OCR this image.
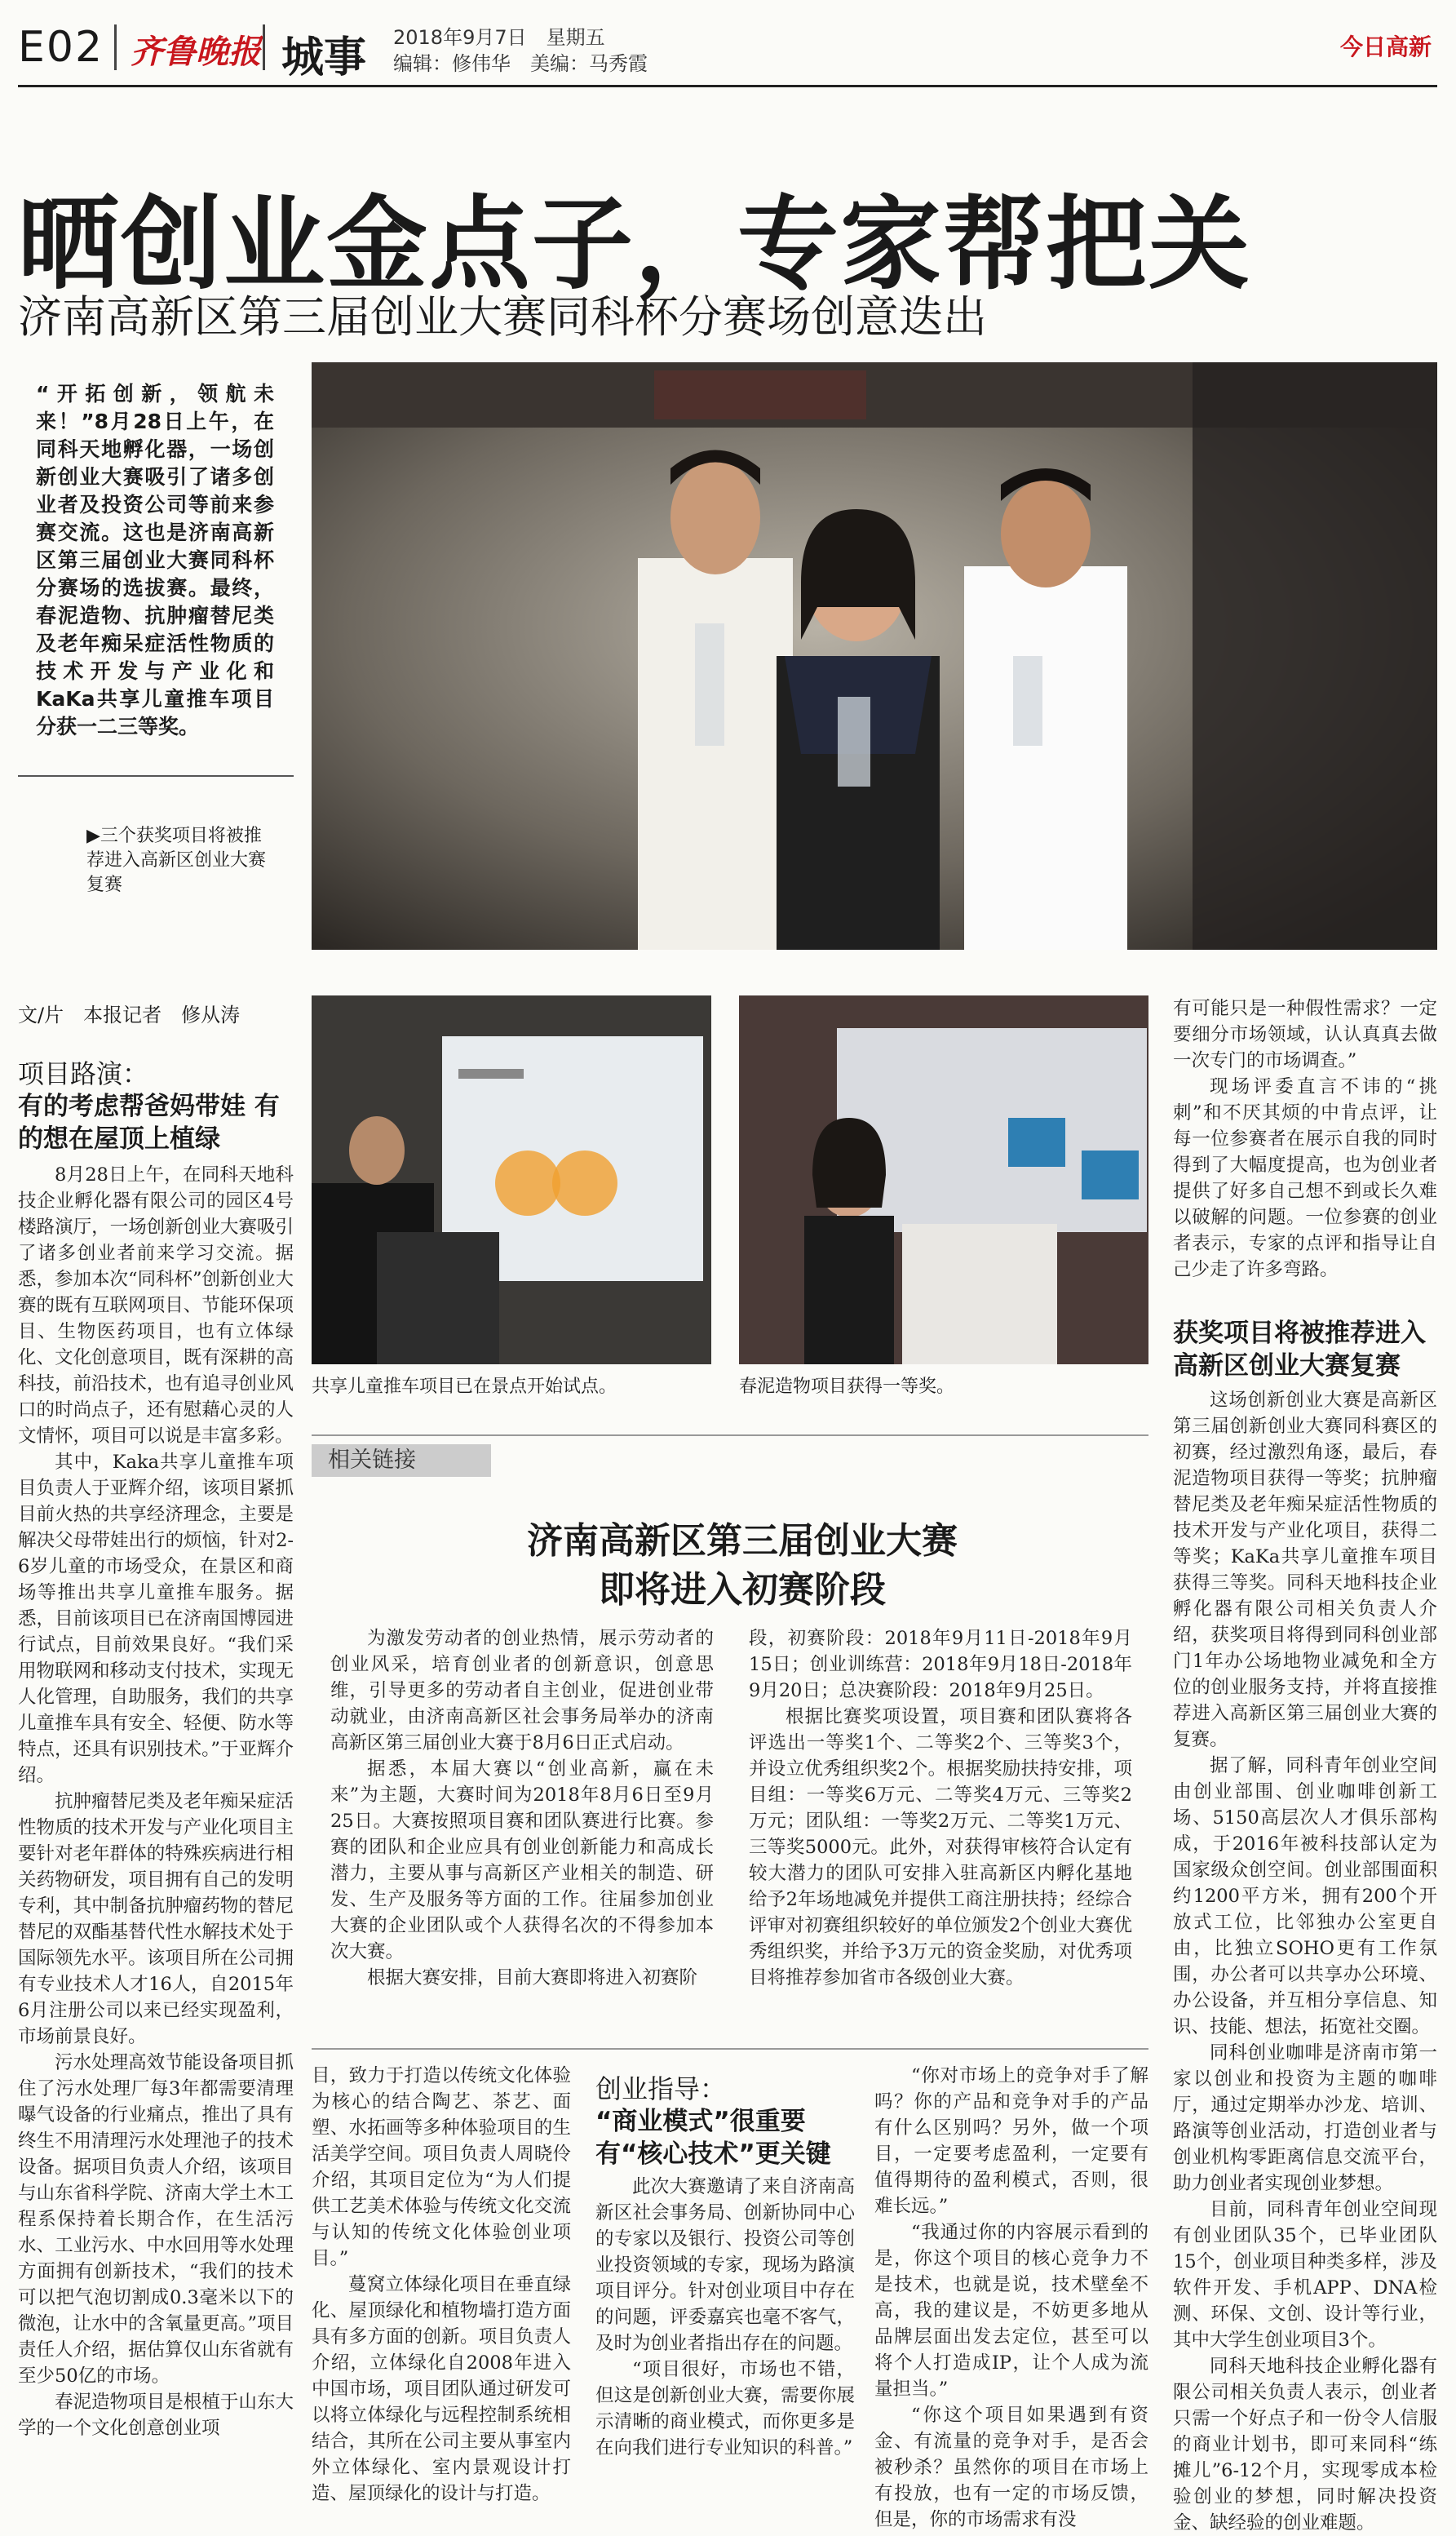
E02 齐鲁晚报 城事 2018年9月7日　星期五
编辑：修伟华　美编：马秀霞
今日高新
晒创业金点子，专家帮把关
济南高新区第三届创业大赛同科杯分赛场创意迭出
“开拓创新，领航未来！”8月28日上午，在同科天地孵化器，一场创新创业大赛吸引了诸多创业者及投资公司等前来参赛交流。这也是济南高新区第三届创业大赛同科杯分赛场的选拔赛。最终，春泥造物、抗肿瘤替尼类及老年痴呆症活性物质的技术开发与产业化和KaKa共享儿童推车项目分获一二三等奖。
▶三个获奖项目将被推荐进入高新区创业大赛复赛
共享儿童推车项目已在景点开始试点。	春泥造物项目获得一等奖。
文/片　本报记者　修从涛
项目路演：
有的考虑帮爸妈带娃 有的想在屋顶上植绿

8月28日上午，在同科天地科技企业孵化器有限公司的园区4号楼路演厅，一场创新创业大赛吸引了诸多创业者前来学习交流。据悉，参加本次“同科杯”创新创业大赛的既有互联网项目、节能环保项目、生物医药项目，也有立体绿化、文化创意项目，既有深耕的高科技，前沿技术，也有追寻创业风口的时尚点子，还有慰藉心灵的人文情怀，项目可以说是丰富多彩。

其中，Kaka共享儿童推车项目负责人于亚辉介绍，该项目紧抓目前火热的共享经济理念，主要是解决父母带娃出行的烦恼，针对2-6岁儿童的市场受众，在景区和商场等推出共享儿童推车服务。据悉，目前该项目已在济南国博园进行试点，目前效果良好。“我们采用物联网和移动支付技术，实现无人化管理，自助服务，我们的共享儿童推车具有安全、轻便、防水等特点，还具有识别技术。”于亚辉介绍。

抗肿瘤替尼类及老年痴呆症活性物质的技术开发与产业化项目主要针对老年群体的特殊疾病进行相关药物研发，项目拥有自己的发明专利，其中制备抗肿瘤药物的替尼替尼的双酯基替代性水解技术处于国际领先水平。该项目所在公司拥有专业技术人才16人，自2015年6月注册公司以来已经实现盈利，市场前景良好。

污水处理高效节能设备项目抓住了污水处理厂每3年都需要清理曝气设备的行业痛点，推出了具有终生不用清理污水处理池子的技术设备。据项目负责人介绍，该项目与山东省科学院、济南大学土木工程系保持着长期合作，在生活污水、工业污水、中水回用等水处理方面拥有创新技术，“我们的技术可以把气泡切割成0.3毫米以下的微泡，让水中的含氧量更高。”项目责任人介绍，据估算仅山东省就有至少50亿的市场。

春泥造物项目是根植于山东大学的一个文化创意创业项

相关链接
济南高新区第三届创业大赛
即将进入初赛阶段

为激发劳动者的创业热情，展示劳动者的创业风采，培育创业者的创新意识，创意思维，引导更多的劳动者自主创业，促进创业带动就业，由济南高新区社会事务局举办的济南高新区第三届创业大赛于8月6日正式启动。

据悉，本届大赛以“创业高新，赢在未来”为主题，大赛时间为2018年8月6日至9月25日。大赛按照项目赛和团队赛进行比赛。参赛的团队和企业应具有创业创新能力和高成长潜力，主要从事与高新区产业相关的制造、研发、生产及服务等方面的工作。往届参加创业大赛的企业团队或个人获得名次的不得参加本次大赛。

根据大赛安排，目前大赛即将进入初赛阶

段，初赛阶段：2018年9月11日-2018年9月15日；创业训练营：2018年9月18日-2018年9月20日；总决赛阶段：2018年9月25日。

根据比赛奖项设置，项目赛和团队赛将各评选出一等奖1个、二等奖2个、三等奖3个，并设立优秀组织奖2个。根据奖励扶持安排，项目组：一等奖6万元、二等奖4万元、三等奖2万元；团队组：一等奖2万元、二等奖1万元、三等奖5000元。此外，对获得审核符合认定有较大潜力的团队可安排入驻高新区内孵化基地给予2年场地减免并提供工商注册扶持；经综合评审对初赛组织较好的单位颁发2个创业大赛优秀组织奖，并给予3万元的资金奖励，对优秀项目将推荐参加省市各级创业大赛。

目，致力于打造以传统文化体验为核心的结合陶艺、茶艺、面塑、水拓画等多种体验项目的生活美学空间。项目负责人周晓伶介绍，其项目定位为“为人们提供工艺美术体验与传统文化交流与认知的传统文化体验创业项目。”

蔓窝立体绿化项目在垂直绿化、屋顶绿化和植物墙打造方面具有多方面的创新。项目负责人介绍，立体绿化自2008年进入中国市场，项目团队通过研发可以将立体绿化与远程控制系统相结合，其所在公司主要从事室内外立体绿化、室内景观设计打造、屋顶绿化的设计与打造。

创业指导：
“商业模式”很重要 有“核心技术”更关键

此次大赛邀请了来自济南高新区社会事务局、创新协同中心的专家以及银行、投资公司等创业投资领域的专家，现场为路演项目评分。针对创业项目中存在的问题，评委嘉宾也毫不客气，及时为创业者指出存在的问题。

“项目很好，市场也不错，但这是创新创业大赛，需要你展示清晰的商业模式，而你更多是在向我们进行专业知识的科普。”

“你对市场上的竞争对手了解吗？你的产品和竞争对手的产品有什么区别吗？另外，做一个项目，一定要考虑盈利，一定要有值得期待的盈利模式，否则，很难长远。”

“我通过你的内容展示看到的是，你这个项目的核心竞争力不是技术，也就是说，技术壁垒不高，我的建议是，不妨更多地从品牌层面出发去定位，甚至可以将个人打造成IP，让个人成为流量担当。”

“你这个项目如果遇到有资金、有流量的竞争对手，是否会被秒杀？虽然你的项目在市场上有投放，也有一定的市场反馈，但是，你的市场需求有没

有可能只是一种假性需求？一定要细分市场领域，认认真真去做一次专门的市场调查。”

现场评委直言不讳的“挑刺”和不厌其烦的中肯点评，让每一位参赛者在展示自我的同时得到了大幅度提高，也为创业者提供了好多自己想不到或长久难以破解的问题。一位参赛的创业者表示，专家的点评和指导让自己少走了许多弯路。

获奖项目将被推荐进入高新区创业大赛复赛

这场创新创业大赛是高新区第三届创新创业大赛同科赛区的初赛，经过激烈角逐，最后，春泥造物项目获得一等奖；抗肿瘤替尼类及老年痴呆症活性物质的技术开发与产业化项目，获得二等奖；KaKa共享儿童推车项目获得三等奖。同科天地科技企业孵化器有限公司相关负责人介绍，获奖项目将得到同科创业部门1年办公场地物业减免和全方位的创业服务支持，并将直接推荐进入高新区第三届创业大赛的复赛。

据了解，同科青年创业空间由创业部围、创业咖啡创新工场、5150高层次人才俱乐部构成，于2016年被科技部认定为国家级众创空间。创业部围面积约1200平方米，拥有200个开放式工位，比邻独办公室更自由，比独立SOHO更有工作氛围，办公者可以共享办公环境、办公设备，并互相分享信息、知识、技能、想法，拓宽社交圈。

同科创业咖啡是济南市第一家以创业和投资为主题的咖啡厅，通过定期举办沙龙、培训、路演等创业活动，打造创业者与创业机构零距离信息交流平台，助力创业者实现创业梦想。

目前，同科青年创业空间现有创业团队35个，已毕业团队15个，创业项目种类多样，涉及软件开发、手机APP、DNA检测、环保、文创、设计等行业，其中大学生创业项目3个。

同科天地科技企业孵化器有限公司相关负责人表示，创业者只需一个好点子和一份令人信服的商业计划书，即可来同科“练摊儿”6-12个月，实现零成本检验创业的梦想，同时解决投资金、缺经验的创业难题。
